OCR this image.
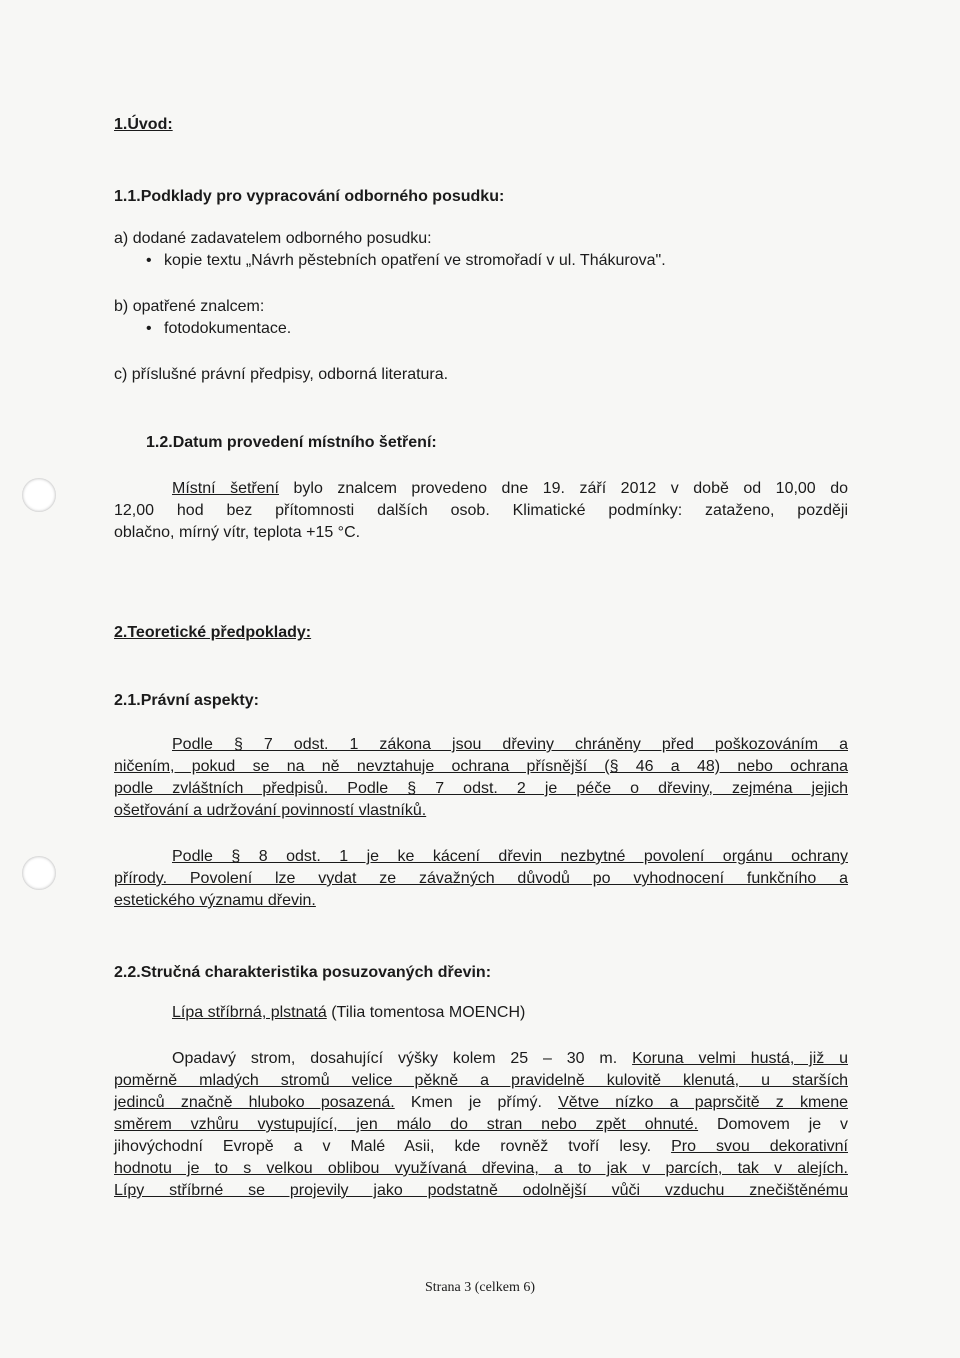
1.Úvod:
1.1.Podklady pro vypracování odborného posudku:
a) dodané zadavatelem odborného posudku:
• kopie textu „Návrh pěstebních opatření ve stromořadí v ul. Thákurova".
b) opatřené znalcem:
• fotodokumentace.
c) příslušné právní předpisy, odborná literatura.
1.2.Datum provedení místního šetření:
Místní šetření bylo znalcem provedeno dne 19. září 2012 v době od 10,00 do
12,00 hod bez přítomnosti dalších osob. Klimatické podmínky: zataženo, později
oblačno, mírný vítr, teplota +15 °C.
2.Teoretické předpoklady:
2.1.Právní aspekty:
Podle § 7 odst. 1 zákona jsou dřeviny chráněny před poškozováním a
ničením, pokud se na ně nevztahuje ochrana přísnější (§ 46 a 48) nebo ochrana
podle zvláštních předpisů. Podle § 7 odst. 2 je péče o dřeviny, zejména jejich
ošetřování a udržování povinností vlastníků.
Podle § 8 odst. 1 je ke kácení dřevin nezbytné povolení orgánu ochrany
přírody. Povolení lze vydat ze závažných důvodů po vyhodnocení funkčního a
estetického významu dřevin.
2.2.Stručná charakteristika posuzovaných dřevin:
Lípa stříbrná, plstnatá (Tilia tomentosa MOENCH)
Opadavý strom, dosahující výšky kolem 25 – 30 m. Koruna velmi hustá, již u
poměrně mladých stromů velice pěkně a pravidelně kulovitě klenutá, u starších
jedinců značně hluboko posazená. Kmen je přímý. Větve nízko a paprsčitě z kmene
směrem vzhůru vystupující, jen málo do stran nebo zpět ohnuté. Domovem je v
jihovýchodní Evropě a v Malé Asii, kde rovněž tvoří lesy. Pro svou dekorativní
hodnotu je to s velkou oblibou využívaná dřevina, a to jak v parcích, tak v alejích.
Lípy stříbrné se projevily jako podstatně odolnější vůči vzduchu znečištěnému
Strana 3 (celkem 6)
